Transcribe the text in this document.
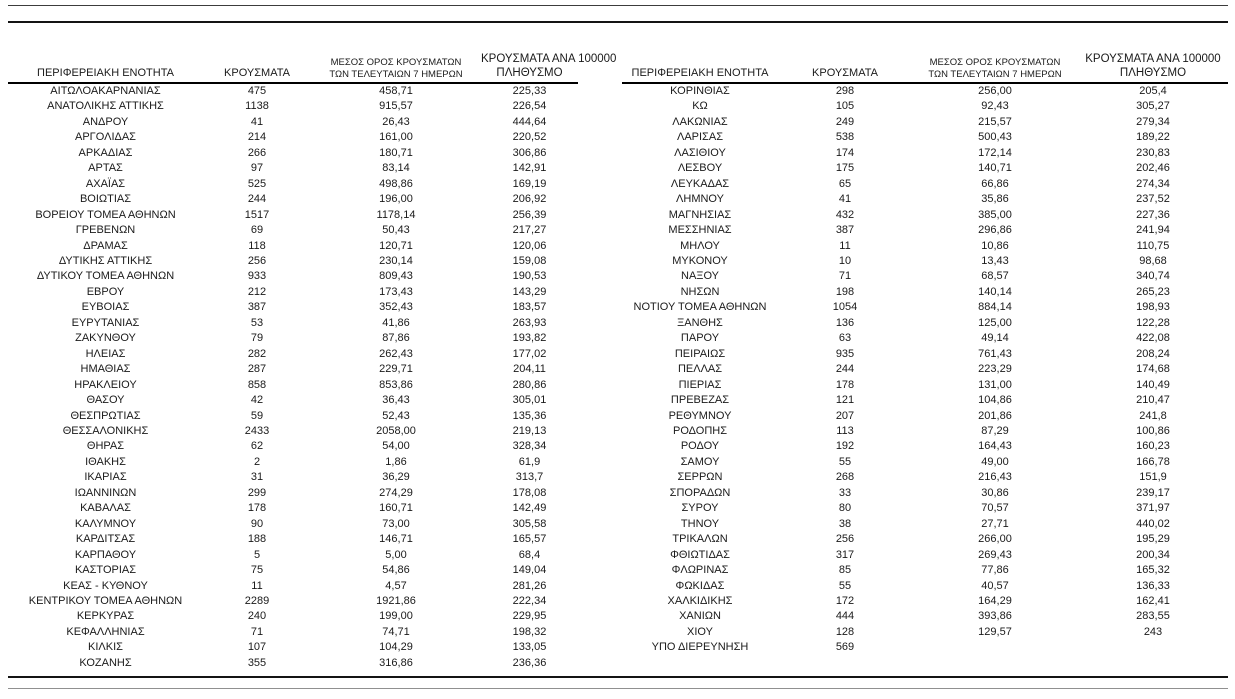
ΠΕΡΙΦΕΡΕΙΑΚΗ ΕΝΟΤΗΤΑ	ΚΡΟΥΣΜΑΤΑ	ΜΕΣΟΣ ΟΡΟΣ ΚΡΟΥΣΜΑΤΩΝ
ΤΩΝ ΤΕΛΕΥΤΑΙΩΝ 7 ΗΜΕΡΩΝ	ΚΡΟΥΣΜΑΤΑ ΑΝΑ 100000
ΠΛΗΘΥΣΜΟ

ΑΙΤΩΛΟΑΚΑΡΝΑΝΙΑΣ	475	458,71	225,33
ΑΝΑΤΟΛΙΚΗΣ ΑΤΤΙΚΗΣ	1138	915,57	226,54
ΑΝΔΡΟΥ	41	26,43	444,64
ΑΡΓΟΛΙΔΑΣ	214	161,00	220,52
ΑΡΚΑΔΙΑΣ	266	180,71	306,86
ΑΡΤΑΣ	97	83,14	142,91
ΑΧΑΪΑΣ	525	498,86	169,19
ΒΟΙΩΤΙΑΣ	244	196,00	206,92
ΒΟΡΕΙΟΥ ΤΟΜΕΑ ΑΘΗΝΩΝ	1517	1178,14	256,39
ΓΡΕΒΕΝΩΝ	69	50,43	217,27
ΔΡΑΜΑΣ	118	120,71	120,06
ΔΥΤΙΚΗΣ ΑΤΤΙΚΗΣ	256	230,14	159,08
ΔΥΤΙΚΟΥ ΤΟΜΕΑ ΑΘΗΝΩΝ	933	809,43	190,53
ΕΒΡΟΥ	212	173,43	143,29
ΕΥΒΟΙΑΣ	387	352,43	183,57
ΕΥΡΥΤΑΝΙΑΣ	53	41,86	263,93
ΖΑΚΥΝΘΟΥ	79	87,86	193,82
ΗΛΕΙΑΣ	282	262,43	177,02
ΗΜΑΘΙΑΣ	287	229,71	204,11
ΗΡΑΚΛΕΙΟΥ	858	853,86	280,86
ΘΑΣΟΥ	42	36,43	305,01
ΘΕΣΠΡΩΤΙΑΣ	59	52,43	135,36
ΘΕΣΣΑΛΟΝΙΚΗΣ	2433	2058,00	219,13
ΘΗΡΑΣ	62	54,00	328,34
ΙΘΑΚΗΣ	2	1,86	61,9
ΙΚΑΡΙΑΣ	31	36,29	313,7
ΙΩΑΝΝΙΝΩΝ	299	274,29	178,08
ΚΑΒΑΛΑΣ	178	160,71	142,49
ΚΑΛΥΜΝΟΥ	90	73,00	305,58
ΚΑΡΔΙΤΣΑΣ	188	146,71	165,57
ΚΑΡΠΑΘΟΥ	5	5,00	68,4
ΚΑΣΤΟΡΙΑΣ	75	54,86	149,04
ΚΕΑΣ - ΚΥΘΝΟΥ	11	4,57	281,26
ΚΕΝΤΡΙΚΟΥ ΤΟΜΕΑ ΑΘΗΝΩΝ	2289	1921,86	222,34
ΚΕΡΚΥΡΑΣ	240	199,00	229,95
ΚΕΦΑΛΛΗΝΙΑΣ	71	74,71	198,32
ΚΙΛΚΙΣ	107	104,29	133,05
ΚΟΖΑΝΗΣ	355	316,86	236,36
ΠΕΡΙΦΕΡΕΙΑΚΗ ΕΝΟΤΗΤΑ	ΚΡΟΥΣΜΑΤΑ	ΜΕΣΟΣ ΟΡΟΣ ΚΡΟΥΣΜΑΤΩΝ
ΤΩΝ ΤΕΛΕΥΤΑΙΩΝ 7 ΗΜΕΡΩΝ	ΚΡΟΥΣΜΑΤΑ ΑΝΑ 100000
ΠΛΗΘΥΣΜΟ

ΚΟΡΙΝΘΙΑΣ	298	256,00	205,4
ΚΩ	105	92,43	305,27
ΛΑΚΩΝΙΑΣ	249	215,57	279,34
ΛΑΡΙΣΑΣ	538	500,43	189,22
ΛΑΣΙΘΙΟΥ	174	172,14	230,83
ΛΕΣΒΟΥ	175	140,71	202,46
ΛΕΥΚΑΔΑΣ	65	66,86	274,34
ΛΗΜΝΟΥ	41	35,86	237,52
ΜΑΓΝΗΣΙΑΣ	432	385,00	227,36
ΜΕΣΣΗΝΙΑΣ	387	296,86	241,94
ΜΗΛΟΥ	11	10,86	110,75
ΜΥΚΟΝΟΥ	10	13,43	98,68
ΝΑΞΟΥ	71	68,57	340,74
ΝΗΣΩΝ	198	140,14	265,23
ΝΟΤΙΟΥ ΤΟΜΕΑ ΑΘΗΝΩΝ	1054	884,14	198,93
ΞΑΝΘΗΣ	136	125,00	122,28
ΠΑΡΟΥ	63	49,14	422,08
ΠΕΙΡΑΙΩΣ	935	761,43	208,24
ΠΕΛΛΑΣ	244	223,29	174,68
ΠΙΕΡΙΑΣ	178	131,00	140,49
ΠΡΕΒΕΖΑΣ	121	104,86	210,47
ΡΕΘΥΜΝΟΥ	207	201,86	241,8
ΡΟΔΟΠΗΣ	113	87,29	100,86
ΡΟΔΟΥ	192	164,43	160,23
ΣΑΜΟΥ	55	49,00	166,78
ΣΕΡΡΩΝ	268	216,43	151,9
ΣΠΟΡΑΔΩΝ	33	30,86	239,17
ΣΥΡΟΥ	80	70,57	371,97
ΤΗΝΟΥ	38	27,71	440,02
ΤΡΙΚΑΛΩΝ	256	266,00	195,29
ΦΘΙΩΤΙΔΑΣ	317	269,43	200,34
ΦΛΩΡΙΝΑΣ	85	77,86	165,32
ΦΩΚΙΔΑΣ	55	40,57	136,33
ΧΑΛΚΙΔΙΚΗΣ	172	164,29	162,41
ΧΑΝΙΩΝ	444	393,86	283,55
ΧΙΟΥ	128	129,57	243
ΥΠΟ ΔΙΕΡΕΥΝΗΣΗ	569		
